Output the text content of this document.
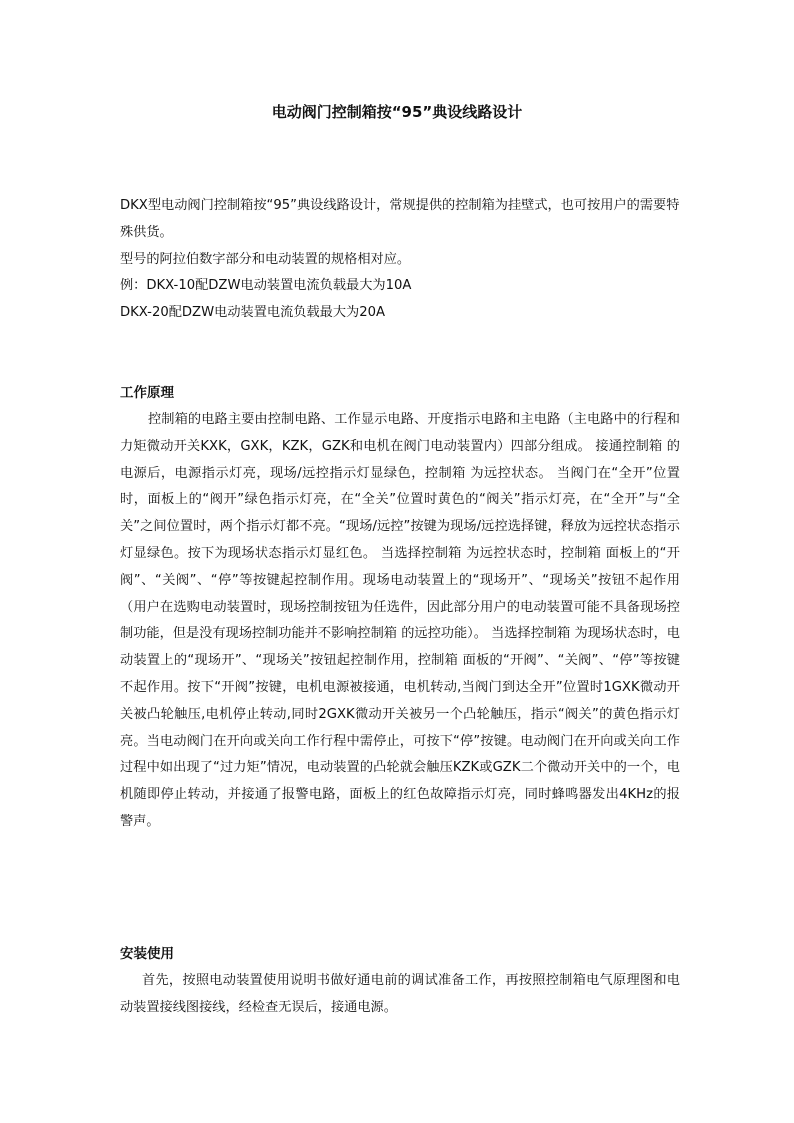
电动阀门控制箱按“95”典设线路设计

DKX型电动阀门控制箱按“95”典设线路设计，常规提供的控制箱为挂壁式，也可按用户的需要特殊供货。

型号的阿拉伯数字部分和电动装置的规格相对应。

例：DKX-10配DZW电动装置电流负载最大为10A

DKX-20配DZW电动装置电流负载最大为20A

工作原理

控制箱的电路主要由控制电路、工作显示电路、开度指示电路和主电路（主电路中的行程和力矩微动开关KXK，GXK，KZK，GZK和电机在阀门电动装置内）四部分组成。 接通控制箱 的电源后，电源指示灯亮，现场/远控指示灯显绿色，控制箱 为远控状态。 当阀门在“全开”位置时，面板上的“阀开”绿色指示灯亮，在“全关”位置时黄色的“阀关”指示灯亮，在“全开”与“全关”之间位置时，两个指示灯都不亮。“现场/远控”按键为现场/远控选择键，释放为远控状态指示灯显绿色。按下为现场状态指示灯显红色。 当选择控制箱 为远控状态时，控制箱 面板上的“开阀”、“关阀”、“停”等按键起控制作用。现场电动装置上的“现场开”、“现场关”按钮不起作用（用户在选购电动装置时，现场控制按钮为任选件，因此部分用户的电动装置可能不具备现场控制功能，但是没有现场控制功能并不影响控制箱 的远控功能）。 当选择控制箱 为现场状态时，电动装置上的“现场开”、“现场关”按钮起控制作用，控制箱 面板的“开阀”、“关阀”、“停”等按键不起作用。按下“开阀”按键，电机电源被接通，电机转动,当阀门到达全开”位置时1GXK微动开关被凸轮触压,电机停止转动,同时2GXK微动开关被另一个凸轮触压，指示“阀关”的黄色指示灯亮。当电动阀门在开向或关向工作行程中需停止，可按下“停”按键。电动阀门在开向或关向工作过程中如出现了“过力矩”情况，电动装置的凸轮就会触压KZK或GZK二个微动开关中的一个，电机随即停止转动，并接通了报警电路，面板上的红色故障指示灯亮，同时蜂鸣器发出4KHz的报警声。

安装使用

首先，按照电动装置使用说明书做好通电前的调试准备工作，再按照控制箱电气原理图和电动装置接线图接线，经检查无误后，接通电源。
